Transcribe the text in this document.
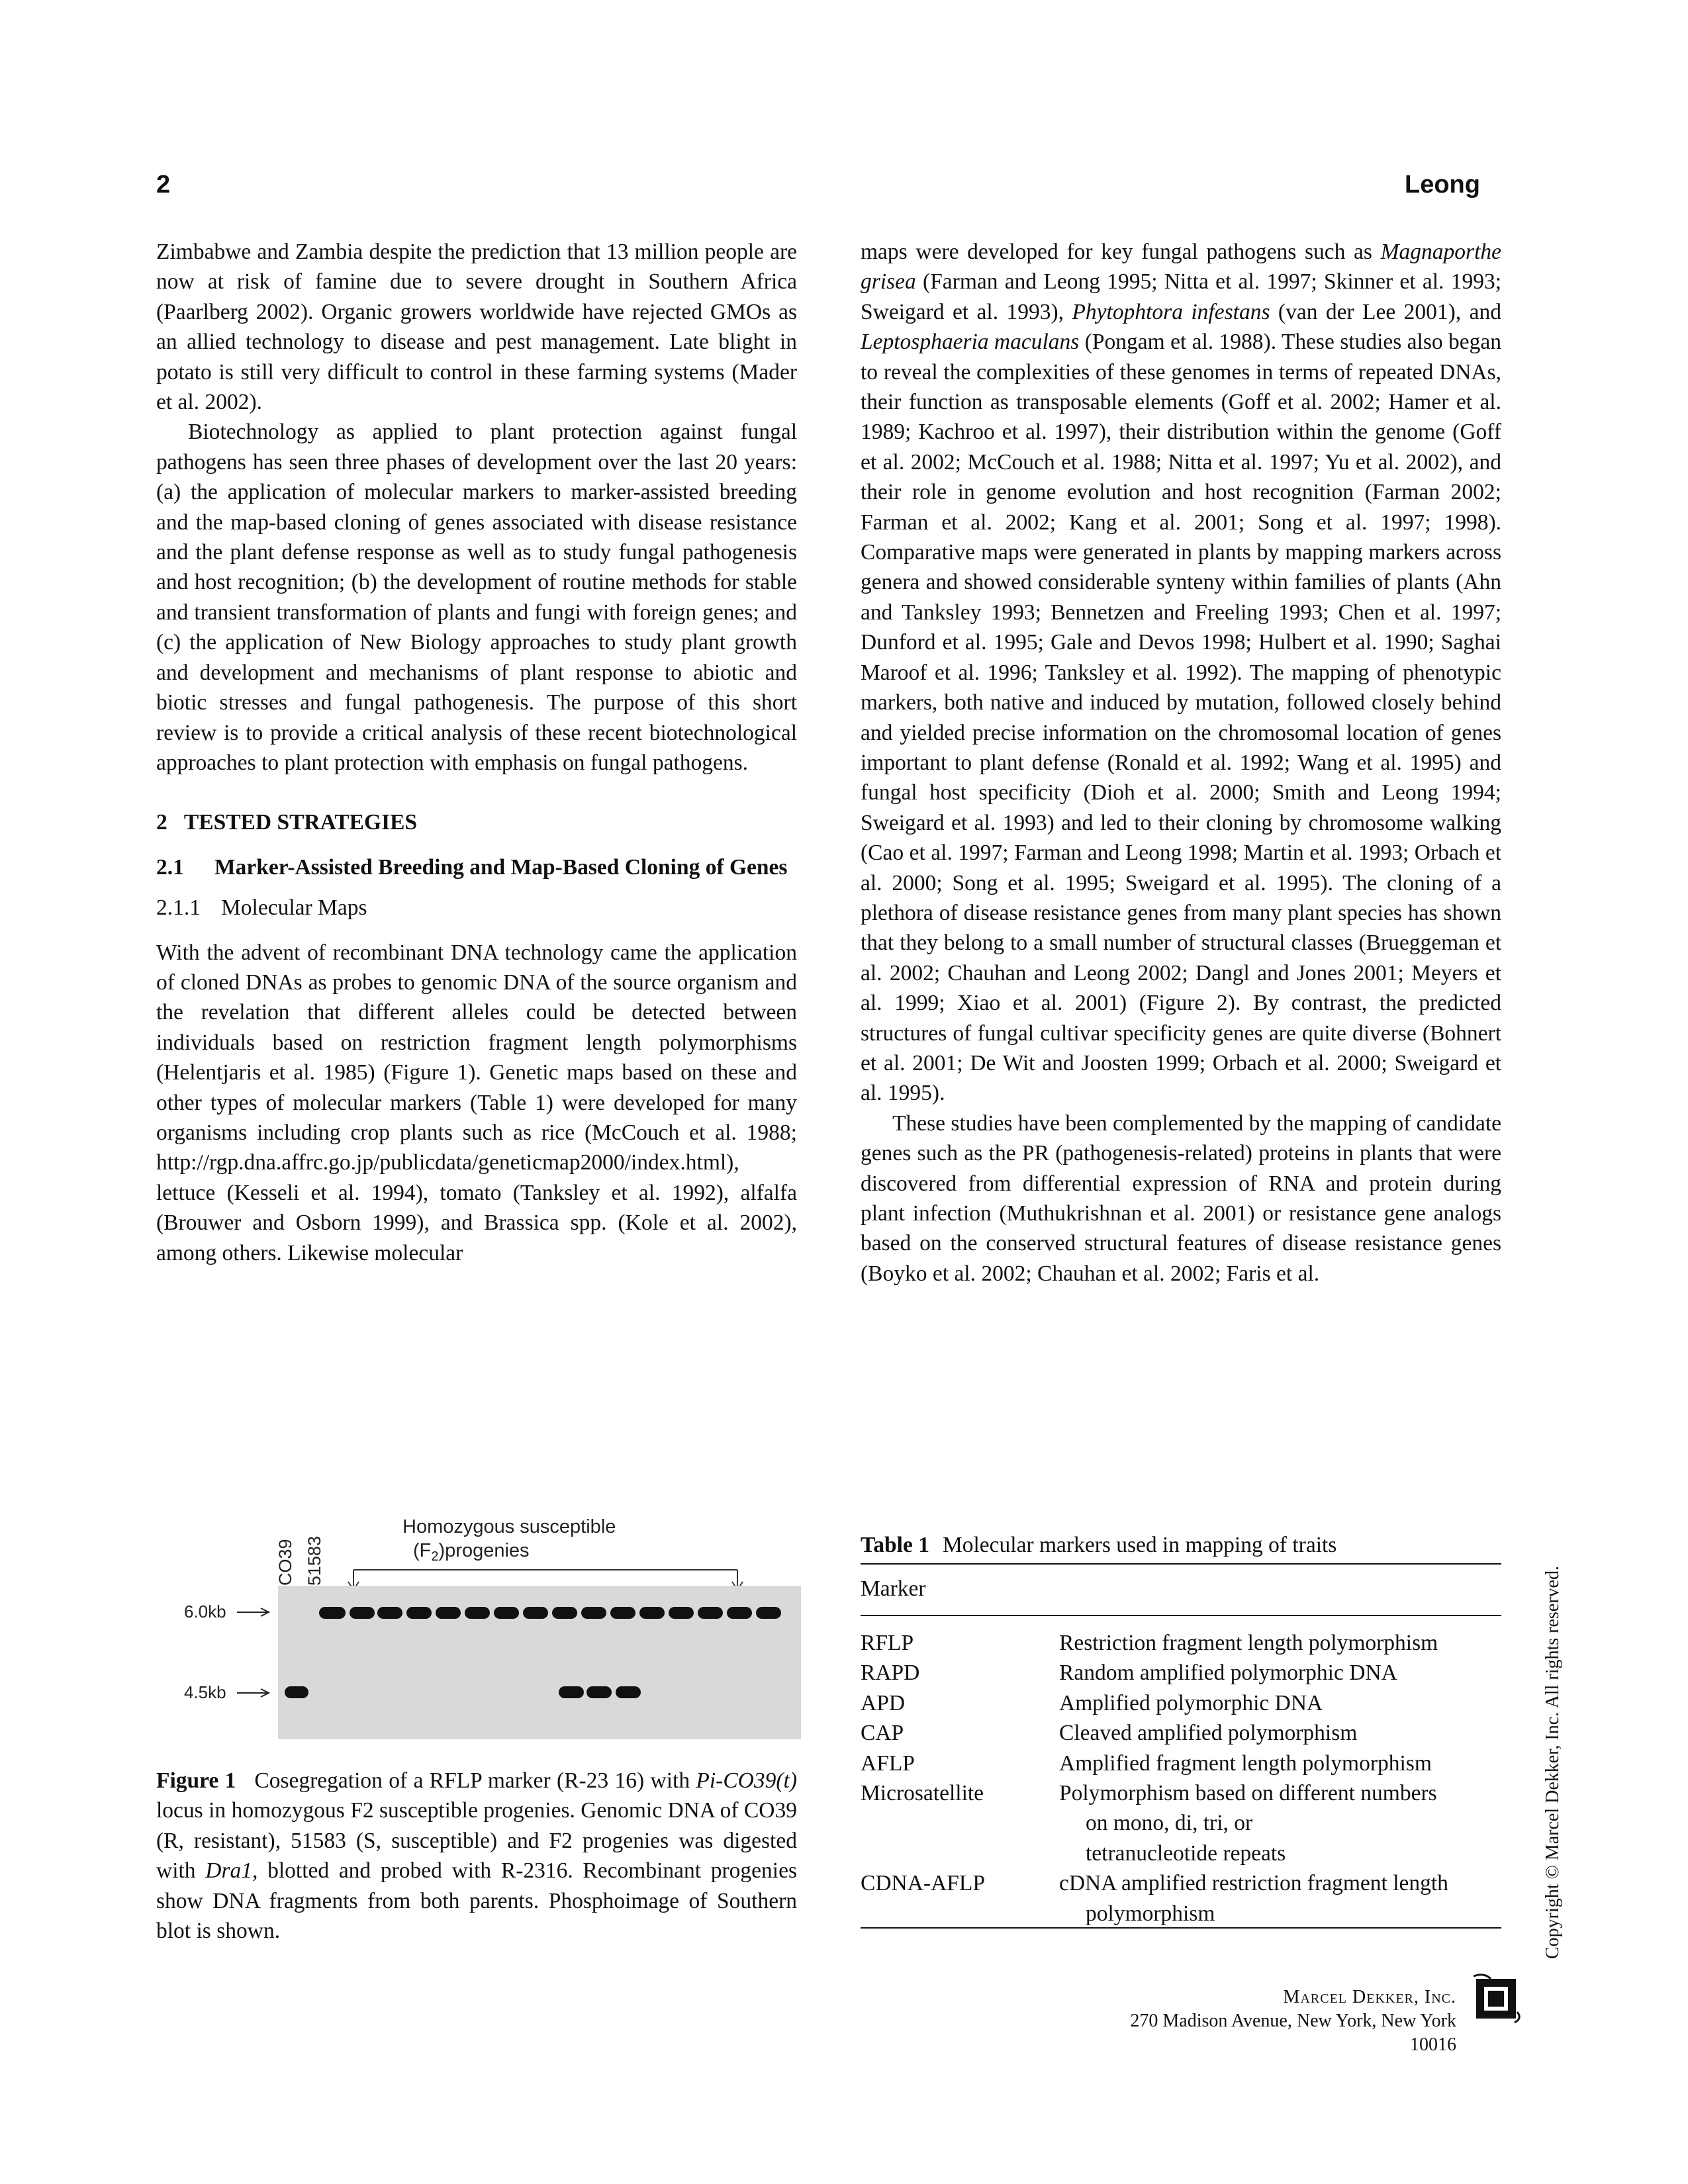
2	Leong

Zimbabwe and Zambia despite the prediction that 13 million people are now at risk of famine due to severe drought in Southern Africa (Paarlberg 2002). Organic growers worldwide have rejected GMOs as an allied technology to disease and pest management. Late blight in potato is still very difficult to control in these farming systems (Mader et al. 2002).

Biotechnology as applied to plant protection against fungal pathogens has seen three phases of development over the last 20 years: (a) the application of molecular markers to marker-assisted breeding and the map-based cloning of genes associated with disease resistance and the plant defense response as well as to study fungal pathogenesis and host recognition; (b) the development of routine methods for stable and transient transformation of plants and fungi with foreign genes; and (c) the application of New Biology approaches to study plant growth and development and mechanisms of plant response to abiotic and biotic stresses and fungal pathogenesis. The purpose of this short review is to provide a critical analysis of these recent biotechnological approaches to plant protection with emphasis on fungal pathogens.

2 TESTED STRATEGIES

2.1	Marker-Assisted Breeding and Map-Based Cloning of Genes
2.1.1 Molecular Maps

With the advent of recombinant DNA technology came the application of cloned DNAs as probes to genomic DNA of the source organism and the revelation that different alleles could be detected between individuals based on restriction fragment length polymorphisms (Helentjaris et al. 1985) (Figure 1). Genetic maps based on these and other types of molecular markers (Table 1) were developed for many organisms including crop plants such as rice (McCouch et al. 1988; http://rgp.dna.affrc.go.jp/publicdata/geneticmap2000/index.html), lettuce (Kesseli et al. 1994), tomato (Tanksley et al. 1992), alfalfa (Brouwer and Osborn 1999), and Brassica spp. (Kole et al. 2002), among others. Likewise molecular

maps were developed for key fungal pathogens such as Magnaporthe grisea (Farman and Leong 1995; Nitta et al. 1997; Skinner et al. 1993; Sweigard et al. 1993), Phytophtora infestans (van der Lee 2001), and Leptosphaeria maculans (Pongam et al. 1988). These studies also began to reveal the complexities of these genomes in terms of repeated DNAs, their function as transposable elements (Goff et al. 2002; Hamer et al. 1989; Kachroo et al. 1997), their distribution within the genome (Goff et al. 2002; McCouch et al. 1988; Nitta et al. 1997; Yu et al. 2002), and their role in genome evolution and host recognition (Farman 2002; Farman et al. 2002; Kang et al. 2001; Song et al. 1997; 1998). Comparative maps were generated in plants by mapping markers across genera and showed considerable synteny within families of plants (Ahn and Tanksley 1993; Bennetzen and Freeling 1993; Chen et al. 1997; Dunford et al. 1995; Gale and Devos 1998; Hulbert et al. 1990; Saghai Maroof et al. 1996; Tanksley et al. 1992). The mapping of phenotypic markers, both native and induced by mutation, followed closely behind and yielded precise information on the chromosomal location of genes important to plant defense (Ronald et al. 1992; Wang et al. 1995) and fungal host specificity (Dioh et al. 2000; Smith and Leong 1994; Sweigard et al. 1993) and led to their cloning by chromosome walking (Cao et al. 1997; Farman and Leong 1998; Martin et al. 1993; Orbach et al. 2000; Song et al. 1995; Sweigard et al. 1995). The cloning of a plethora of disease resistance genes from many plant species has shown that they belong to a small number of structural classes (Brueggeman et al. 2002; Chauhan and Leong 2002; Dangl and Jones 2001; Meyers et al. 1999; Xiao et al. 2001) (Figure 2). By contrast, the predicted structures of fungal cultivar specificity genes are quite diverse (Bohnert et al. 2001; De Wit and Joosten 1999; Orbach et al. 2000; Sweigard et al. 1995).

These studies have been complemented by the mapping of candidate genes such as the PR (pathogenesis-related) proteins in plants that were discovered from differential expression of RNA and protein during plant infection (Muthukrishnan et al. 2001) or resistance gene analogs based on the conserved structural features of disease resistance genes (Boyko et al. 2002; Chauhan et al. 2002; Faris et al.

Homozygous susceptible
$(F_2)progenies$
CO39 51583
6.0kb
4.5kb

Figure 1 Cosegregation of a RFLP marker (R-23 16) with Pi-CO39(t) locus in homozygous F2 susceptible progenies. Genomic DNA of CO39 (R, resistant), 51583 (S, susceptible) and F2 progenies was digested with Dra1, blotted and probed with R-2316. Recombinant progenies show DNA fragments from both parents. Phosphoimage of Southern blot is shown.

Table 1 Molecular markers used in mapping of traits
Marker
RFLP	Restriction fragment length polymorphism
RAPD	Random amplified polymorphic DNA
APD	Amplified polymorphic DNA
CAP	Cleaved amplified polymorphism
AFLP	Amplified fragment length polymorphism
Microsatellite	Polymorphism based on different numbers
on mono, di, tri, or
tetranucleotide repeats
CDNA-AFLP	cDNA amplified restriction fragment length
polymorphism	Copyright © Marcel Dekker, Inc. All rights reserved.
Marcel Dekker, Inc.
270 Madison Avenue, New York, New York 10016
